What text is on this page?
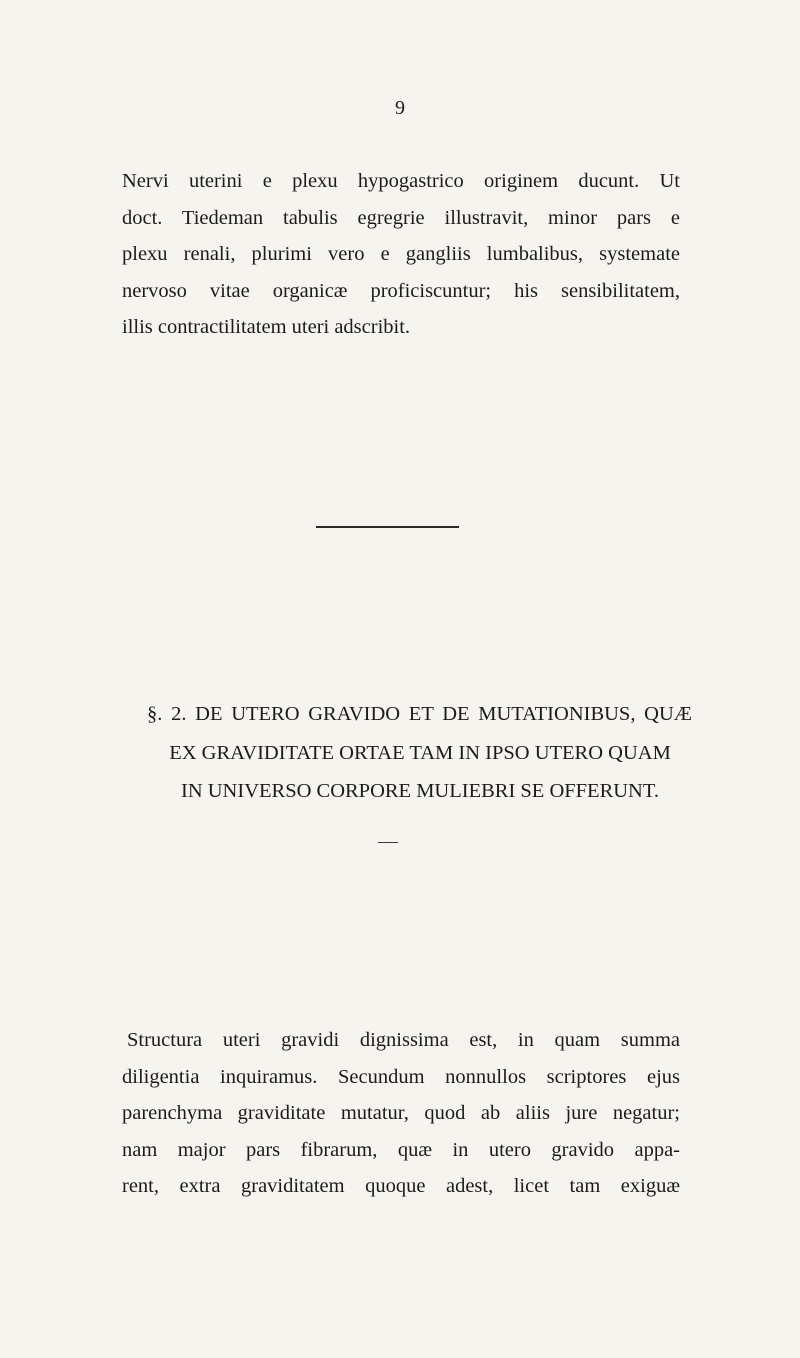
9

Nervi uterini e plexu hypogastrico originem ducunt. Ut
doct. Tiedeman tabulis egregrie illustravit, minor pars e
plexu renali, plurimi vero e gangliis lumbalibus, systemate
nervoso vitae organicæ proficiscuntur; his sensibilitatem,
illis contractilitatem uteri adscribit.

§. 2. DE UTERO GRAVIDO ET DE MUTATIONIBUS, QUÆ
EX GRAVIDITATE ORTAE TAM IN IPSO UTERO QUAM
IN UNIVERSO CORPORE MULIEBRI SE OFFERUNT.

Structura uteri gravidi dignissima est, in quam summa
diligentia inquiramus. Secundum nonnullos scriptores ejus
parenchyma graviditate mutatur, quod ab aliis jure negatur;
nam major pars fibrarum, quæ in utero gravido appa-
rent, extra graviditatem quoque adest, licet tam exiguæ
